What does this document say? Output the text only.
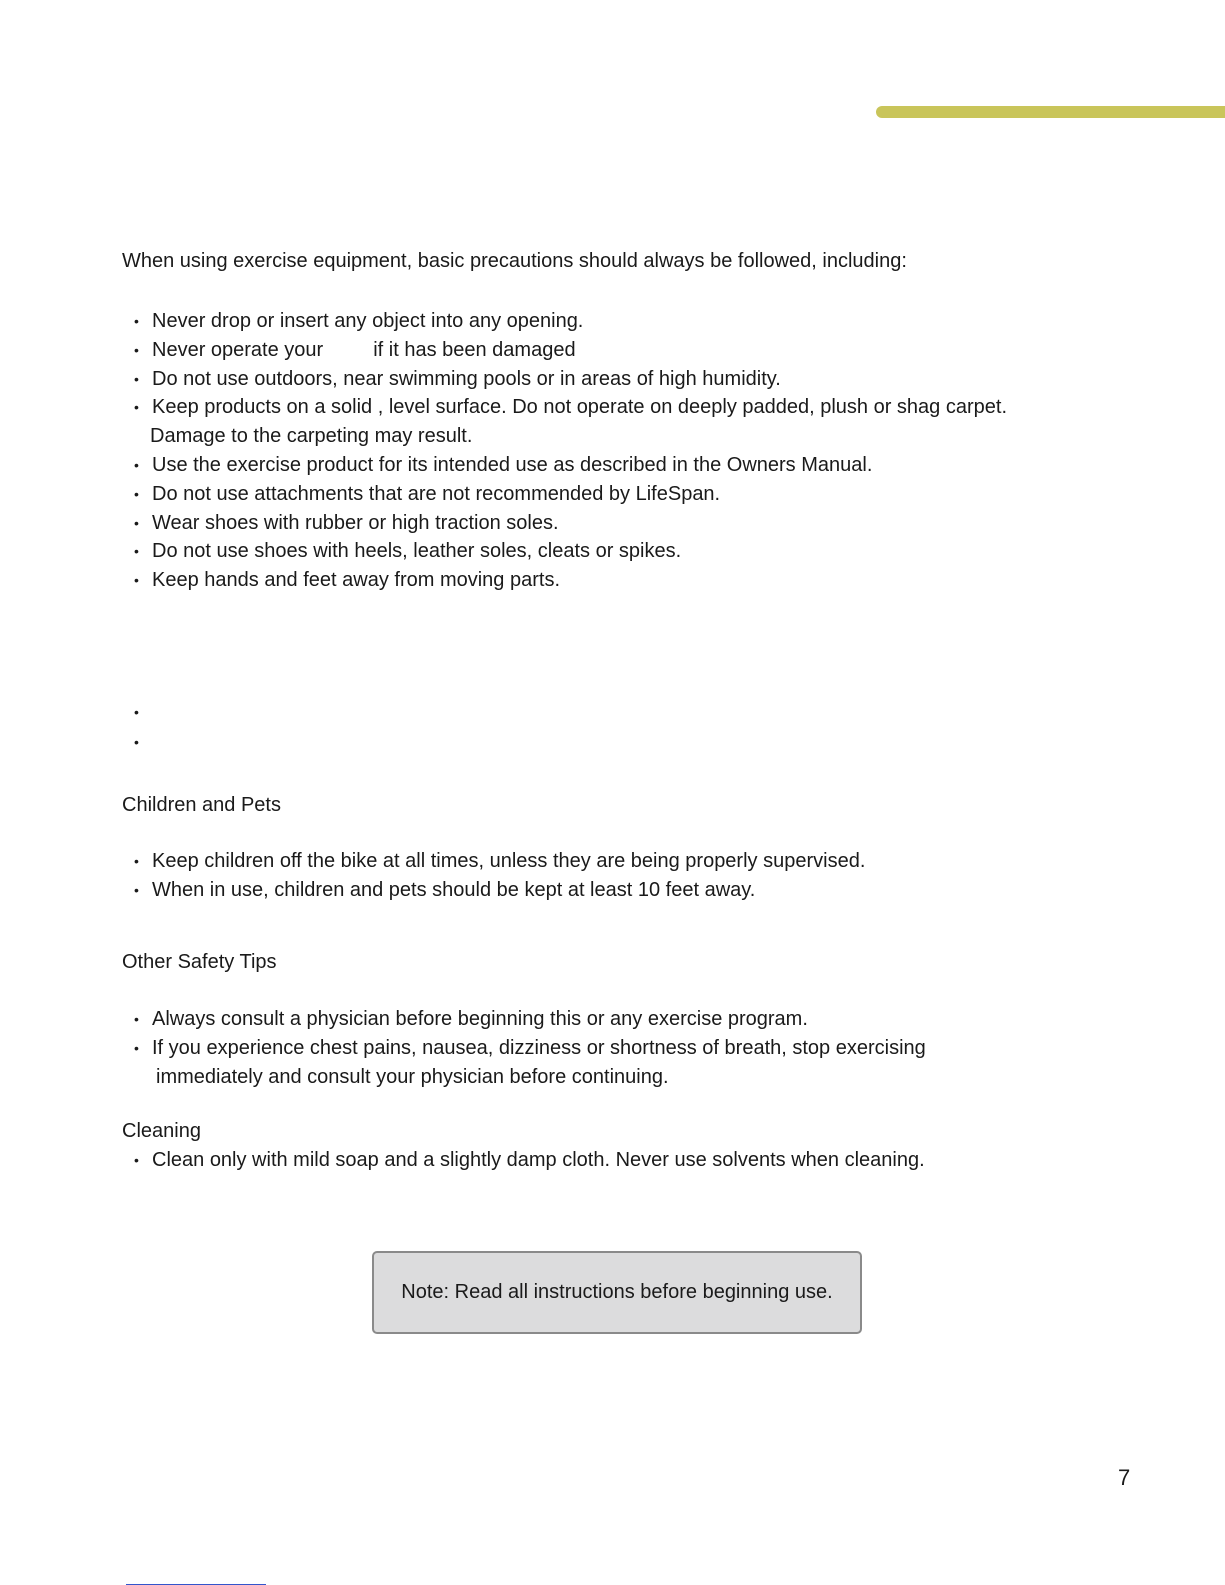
When using exercise equipment, basic precautions should always be followed, including:

• Never drop or insert any object into any opening.
• Never operate your	if it has been damaged
• Do not use outdoors, near swimming pools or in areas of high humidity.
• Keep products on a solid , level surface. Do not operate on deeply padded, plush or shag carpet.
Damage to the carpeting may result.
• Use the exercise product for its intended use as described in the Owners Manual.
• Do not use attachments that are not recommended by LifeSpan.
• Wear shoes with rubber or high traction soles.
• Do not use shoes with heels, leather soles, cleats or spikes.
• Keep hands and feet away from moving parts.
•
•

Children and Pets

• Keep children off the bike at all times, unless they are being properly supervised.
• When in use, children and pets should be kept at least 10 feet away.

Other Safety Tips

• Always consult a physician before beginning this or any exercise program.
• If you experience chest pains, nausea, dizziness or shortness of breath, stop exercising
immediately and consult your physician before continuing.

Cleaning

• Clean only with mild soap and a slightly damp cloth. Never use solvents when cleaning.
Note: Read all instructions before beginning use.
7
